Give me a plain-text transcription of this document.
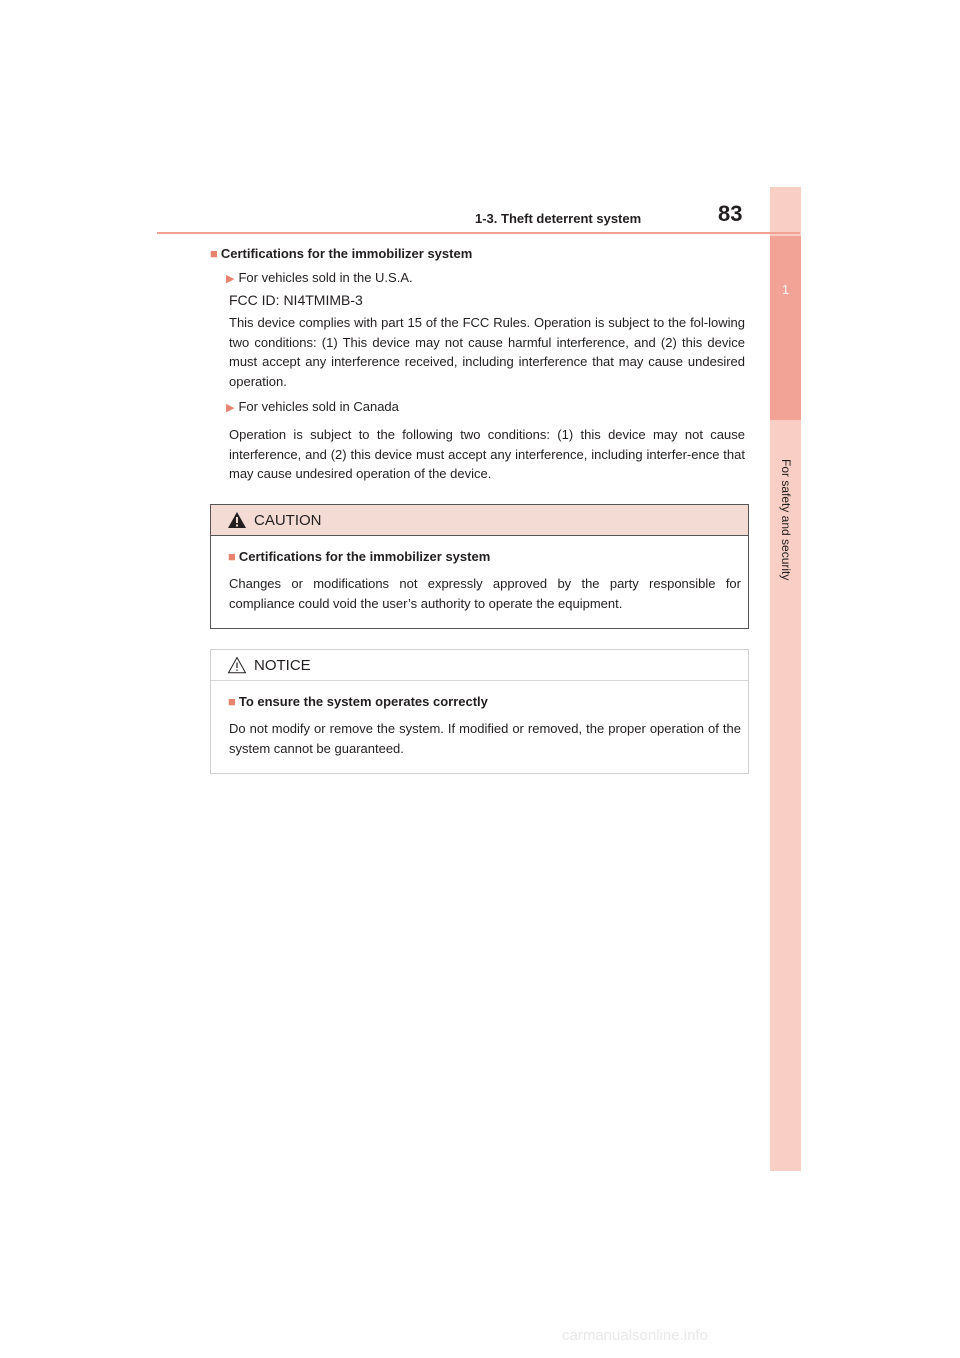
1
For safety and security
1-3. Theft deterrent system	83
■ Certifications for the immobilizer system
▶ For vehicles sold in the U.S.A.
FCC ID: NI4TMIMB-3

This device complies with part 15 of the FCC Rules. Operation is subject to the fol-lowing two conditions: (1) This device may not cause harmful interference, and (2) this device must accept any interference received, including interference that may cause undesired operation.

▶ For vehicles sold in Canada

Operation is subject to the following two conditions: (1) this device may not cause interference, and (2) this device must accept any interference, including interfer-ence that may cause undesired operation of the device.

CAUTION
■ Certifications for the immobilizer system

Changes or modifications not expressly approved by the party responsible for compliance could void the user’s authority to operate the equipment.

NOTICE
■ To ensure the system operates correctly

Do not modify or remove the system. If modified or removed, the proper operation of the system cannot be guaranteed.

carmanualsonline.info
